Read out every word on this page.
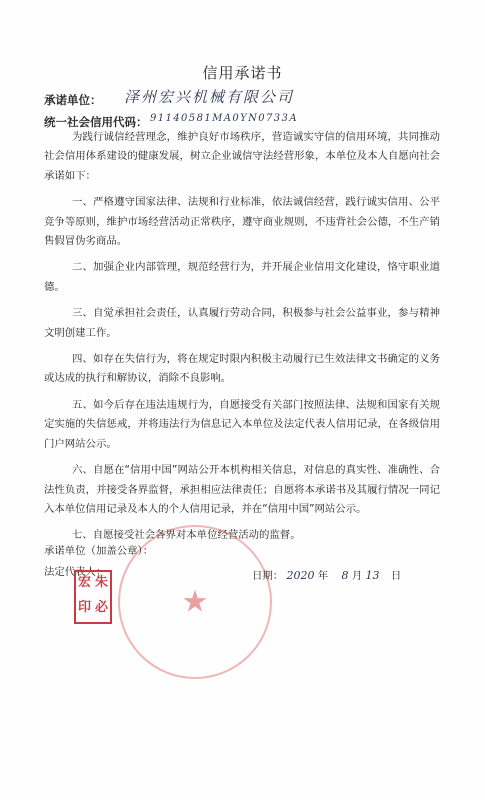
信用承诺书
承诺单位： 泽州宏兴机械有限公司
统一社会信用代码： 91140581MA0YN0733A

为践行诚信经营理念，维护良好市场秩序，营造诚实守信的信用环境，共同推动社会信用体系建设的健康发展，树立企业诚信守法经营形象，本单位及本人自愿向社会承诺如下：

一、严格遵守国家法律、法规和行业标准，依法诚信经营，践行诚实信用、公平竞争等原则，维护市场经营活动正常秩序，遵守商业规则，不违背社会公德，不生产销售假冒伪劣商品。

二、加强企业内部管理，规范经营行为，并开展企业信用文化建设，恪守职业道德。

三、自觉承担社会责任，认真履行劳动合同，积极参与社会公益事业，参与精神文明创建工作。

四、如存在失信行为，将在规定时限内积极主动履行已生效法律文书确定的义务或达成的执行和解协议，消除不良影响。

五、如今后存在违法违规行为，自愿接受有关部门按照法律、法规和国家有关规定实施的失信惩戒，并将违法行为信息记入本单位及法定代表人信用记录，在各级信用门户网站公示。

六、自愿在“信用中国”网站公开本机构相关信息，对信息的真实性、准确性、合法性负责，并接受各界监督，承担相应法律责任；自愿将本承诺书及其履行情况一同记入本单位信用记录及本人的个人信用记录，并在“信用中国”网站公示。

七、自愿接受社会各界对本单位经营活动的监督。

★
承诺单位（加盖公章）：
法定代表人：	日期： 2020 年 8 月 13 日
宏 朱
印 必
